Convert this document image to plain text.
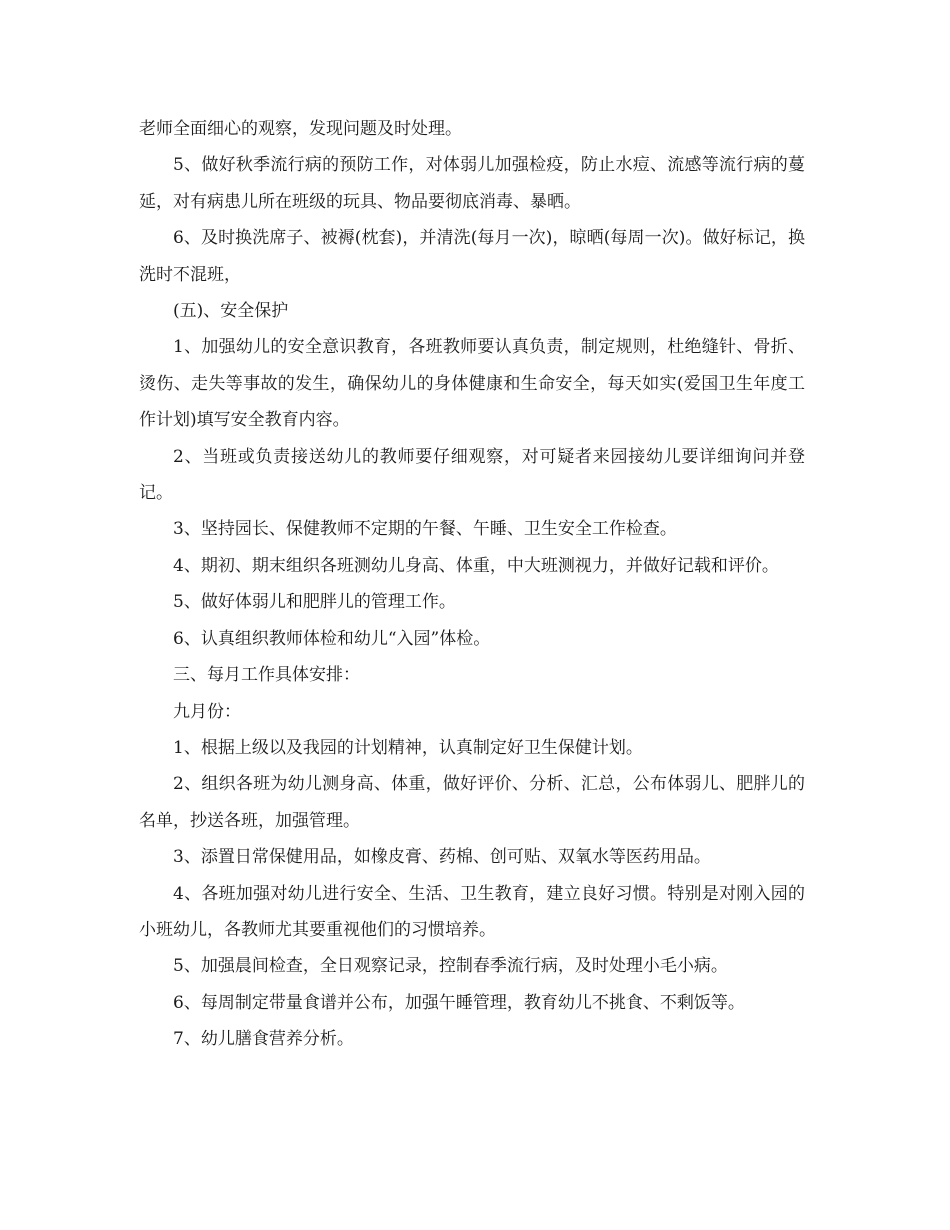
老师全面细心的观察，发现问题及时处理。

5、做好秋季流行病的预防工作，对体弱儿加强检疫，防止水痘、流感等流行病的蔓延，对有病患儿所在班级的玩具、物品要彻底消毒、暴晒。

6、及时换洗席子、被褥(枕套)，并清洗(每月一次)，晾晒(每周一次)。做好标记，换洗时不混班，

(五)、安全保护

1、加强幼儿的安全意识教育，各班教师要认真负责，制定规则，杜绝缝针、骨折、烫伤、走失等事故的发生，确保幼儿的身体健康和生命安全，每天如实(爱国卫生年度工作计划)填写安全教育内容。

2、当班或负责接送幼儿的教师要仔细观察，对可疑者来园接幼儿要详细询问并登记。

3、坚持园长、保健教师不定期的午餐、午睡、卫生安全工作检查。

4、期初、期末组织各班测幼儿身高、体重，中大班测视力，并做好记载和评价。

5、做好体弱儿和肥胖儿的管理工作。

6、认真组织教师体检和幼儿“入园”体检。

三、每月工作具体安排：

九月份：

1、根据上级以及我园的计划精神，认真制定好卫生保健计划。

2、组织各班为幼儿测身高、体重，做好评价、分析、汇总，公布体弱儿、肥胖儿的名单，抄送各班，加强管理。

3、添置日常保健用品，如橡皮膏、药棉、创可贴、双氧水等医药用品。

4、各班加强对幼儿进行安全、生活、卫生教育，建立良好习惯。特别是对刚入园的小班幼儿，各教师尤其要重视他们的习惯培养。

5、加强晨间检查，全日观察记录，控制春季流行病，及时处理小毛小病。

6、每周制定带量食谱并公布，加强午睡管理，教育幼儿不挑食、不剩饭等。

7、幼儿膳食营养分析。
